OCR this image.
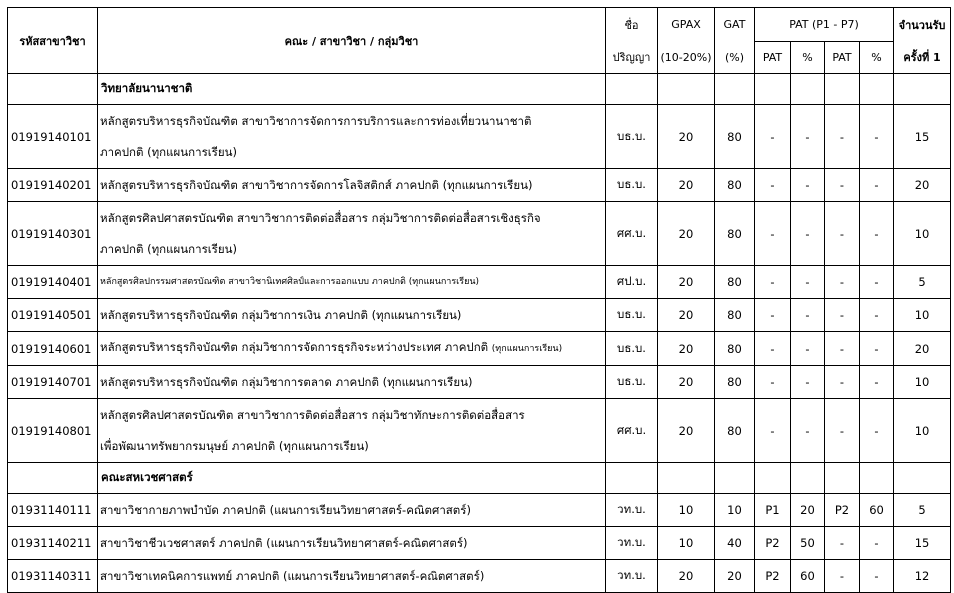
รหัสสาขาวิชา	คณะ / สาขาวิชา / กลุ่มวิชา	ชื่อ	GPAX	GAT	PAT (P1 - P7)				จำนวนรับ
		ปริญญา	(10-20%)	(%)	PAT	%	PAT	%	ครั้งที่ 1
	วิทยาลัยนานาชาติ								
01919140101	หลักสูตรบริหารธุรกิจบัณฑิต สาขาวิชาการจัดการการบริการและการท่องเที่ยวนานาชาติ
ภาคปกติ (ทุกแผนการเรียน)	บธ.บ.	20	80	-	-	-	-	15
01919140201	หลักสูตรบริหารธุรกิจบัณฑิต สาขาวิชาการจัดการโลจิสติกส์ ภาคปกติ (ทุกแผนการเรียน)	บธ.บ.	20	80	-	-	-	-	20
01919140301	หลักสูตรศิลปศาสตรบัณฑิต สาขาวิชาการติดต่อสื่อสาร กลุ่มวิชาการติดต่อสื่อสารเชิงธุรกิจ
ภาคปกติ (ทุกแผนการเรียน)	ศศ.บ.	20	80	-	-	-	-	10
01919140401	หลักสูตรศิลปกรรมศาสตรบัณฑิต สาขาวิชานิเทศศิลป์และการออกแบบ ภาคปกติ (ทุกแผนการเรียน)	ศป.บ.	20	80	-	-	-	-	5
01919140501	หลักสูตรบริหารธุรกิจบัณฑิต กลุ่มวิชาการเงิน ภาคปกติ (ทุกแผนการเรียน)	บธ.บ.	20	80	-	-	-	-	10
01919140601	หลักสูตรบริหารธุรกิจบัณฑิต กลุ่มวิชาการจัดการธุรกิจระหว่างประเทศ ภาคปกติ (ทุกแผนการเรียน)	บธ.บ.	20	80	-	-	-	-	20
01919140701	หลักสูตรบริหารธุรกิจบัณฑิต กลุ่มวิชาการตลาด ภาคปกติ (ทุกแผนการเรียน)	บธ.บ.	20	80	-	-	-	-	10
01919140801	หลักสูตรศิลปศาสตรบัณฑิต สาขาวิชาการติดต่อสื่อสาร กลุ่มวิชาทักษะการติดต่อสื่อสาร
เพื่อพัฒนาทรัพยากรมนุษย์ ภาคปกติ (ทุกแผนการเรียน)	ศศ.บ.	20	80	-	-	-	-	10
	คณะสหเวชศาสตร์								
01931140111	สาขาวิชากายภาพบำบัด ภาคปกติ (แผนการเรียนวิทยาศาสตร์-คณิตศาสตร์)	วท.บ.	10	10	P1	20	P2	60	5
01931140211	สาขาวิชาชีวเวชศาสตร์ ภาคปกติ (แผนการเรียนวิทยาศาสตร์-คณิตศาสตร์)	วท.บ.	10	40	P2	50	-	-	15
01931140311	สาขาวิชาเทคนิคการแพทย์ ภาคปกติ (แผนการเรียนวิทยาศาสตร์-คณิตศาสตร์)	วท.บ.	20	20	P2	60	-	-	12
